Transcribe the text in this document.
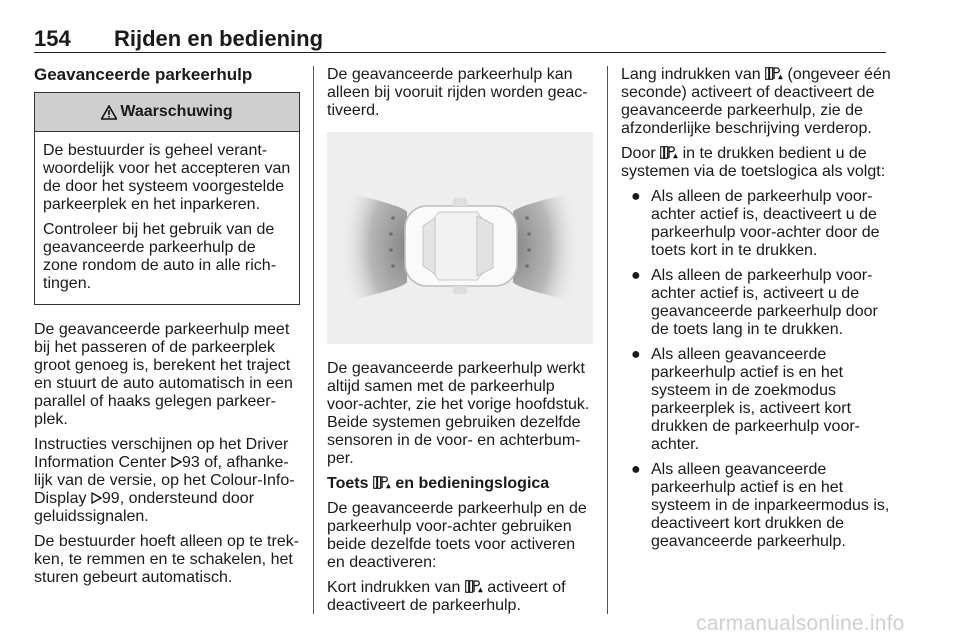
154 Rijden en bediening
Geavanceerde parkeerhulp
Waarschuwing

De bestuurder is geheel verantwoordelijk voor het accepteren van de door het systeem voorgestelde parkeerplek en het inparkeren.

Controleer bij het gebruik van de geavanceerde parkeerhulp de zone rondom de auto in alle richtingen.

De geavanceerde parkeerhulp meet bij het passeren of de parkeerplek groot genoeg is, berekent het traject en stuurt de auto automatisch in een parallel of haaks gelegen parkeerplek.

Instructies verschijnen op het Driver Information Center 93 of, afhankelijk van de versie, op het Colour-Info-Display 99, ondersteund door geluidssignalen.

De bestuurder hoeft alleen op te trekken, te remmen en te schakelen, het sturen gebeurt automatisch.

De geavanceerde parkeerhulp kan alleen bij vooruit rijden worden geactiveerd.

De geavanceerde parkeerhulp werkt altijd samen met de parkeerhulp voor-achter, zie het vorige hoofdstuk. Beide systemen gebruiken dezelfde sensoren in de voor- en achterbumper.

Toets
en bedieningslogica

De geavanceerde parkeerhulp en de parkeerhulp voor-achter gebruiken beide dezelfde toets voor activeren en deactiveren:

Kort indrukken van
activeert of deactiveert de parkeerhulp.

Lang indrukken van
(ongeveer één seconde) activeert of deactiveert de geavanceerde parkeerhulp, zie de afzonderlijke beschrijving verderop.

Door
in te drukken bedient u de systemen via de toetslogica als volgt:

● Als alleen de parkeerhulp voor-achter actief is, deactiveert u de parkeerhulp voor-achter door de toets kort in te drukken.
● Als alleen de parkeerhulp voor-achter actief is, activeert u de geavanceerde parkeerhulp door de toets lang in te drukken.
● Als alleen geavanceerde parkeerhulp actief is en het systeem in de zoekmodus parkeerplek is, activeert kort drukken de parkeerhulp voor-achter.
● Als alleen geavanceerde parkeerhulp actief is en het systeem in de inparkeermodus is, deactiveert kort drukken de geavanceerde parkeerhulp.
carmanualsonline.info
